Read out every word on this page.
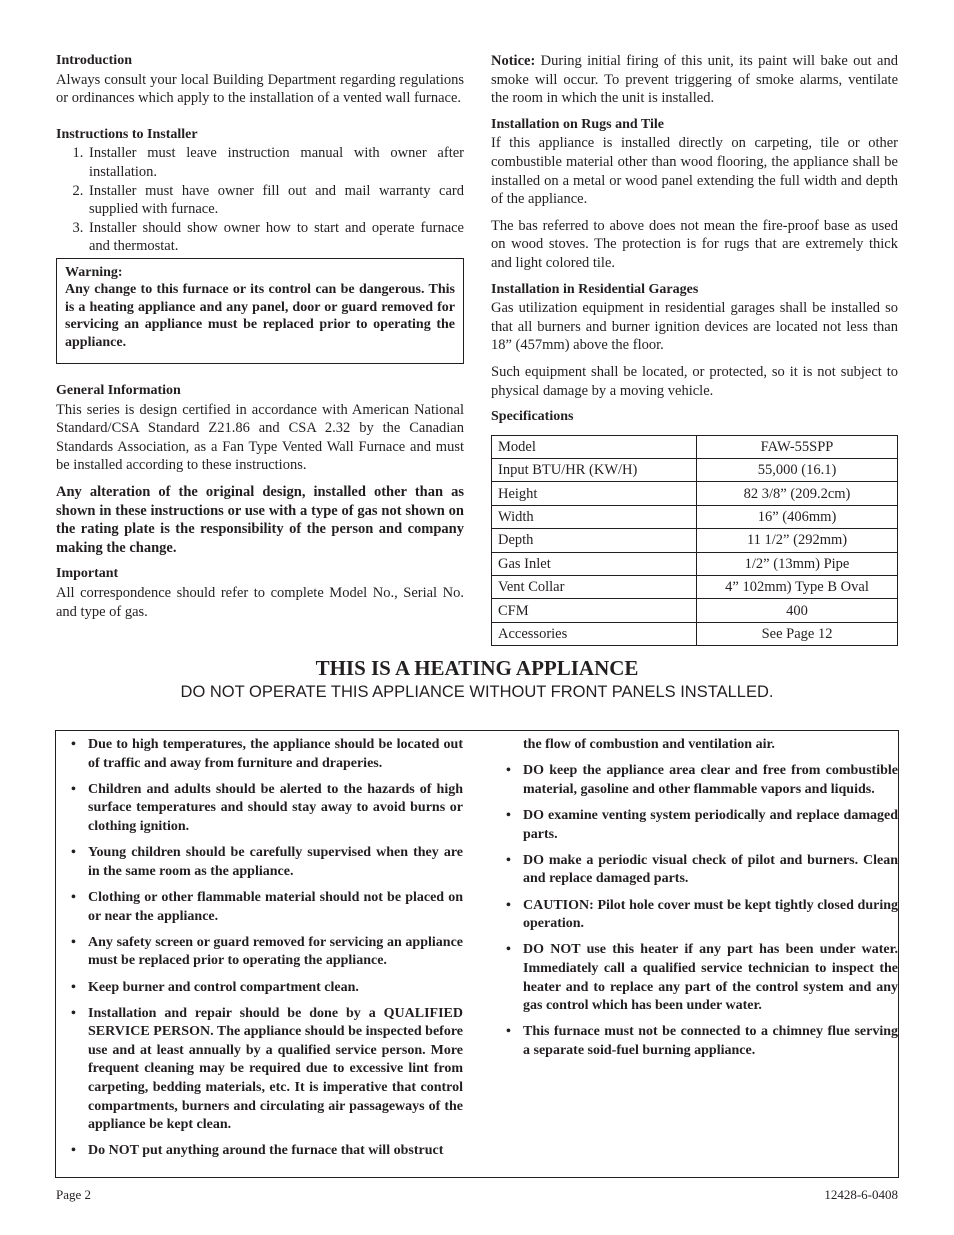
Introduction

Always consult your local Building Department regarding regulations or ordinances which apply to the installation of a vented wall furnace.

Instructions to Installer
1. Installer must leave instruction manual with owner after installation.
2. Installer must have owner fill out and mail warranty card supplied with furnace.
3. Installer should show owner how to start and operate furnace and thermostat.
Warning:

Any change to this furnace or its control can be dangerous. This is a heating appliance and any panel, door or guard removed for servicing an appliance must be replaced prior to operating the appliance.

General Information

This series is design certified in accordance with American National Standard/CSA Standard Z21.86 and CSA 2.32 by the Canadian Standards Association, as a Fan Type Vented Wall Furnace and must be installed according to these instructions.

Any alteration of the original design, installed other than as shown in these instructions or use with a type of gas not shown on the rating plate is the responsibility of the person and company making the change.

Important

All correspondence should refer to complete Model No., Serial No. and type of gas.

Notice: During initial firing of this unit, its paint will bake out and smoke will occur. To prevent triggering of smoke alarms, ventilate the room in which the unit is installed.

Installation on Rugs and Tile

If this appliance is installed directly on carpeting, tile or other combustible material other than wood flooring, the appliance shall be installed on a metal or wood panel extending the full width and depth of the appliance.

The bas referred to above does not mean the fire-proof base as used on wood stoves. The protection is for rugs that are extremely thick and light colored tile.

Installation in Residential Garages

Gas utilization equipment in residential garages shall be installed so that all burners and burner ignition devices are located not less than 18” (457mm) above the floor.

Such equipment shall be located, or protected, so it is not subject to physical damage by a moving vehicle.

Specifications
Model	FAW-55SPP
Input BTU/HR (KW/H)	55,000 (16.1)
Height	82 3/8” (209.2cm)
Width	16” (406mm)
Depth	11 1/2” (292mm)
Gas Inlet	1/2” (13mm) Pipe
Vent Collar	4” 102mm) Type B Oval
CFM	400
Accessories	See Page 12
THIS IS A HEATING APPLIANCE
DO NOT OPERATE THIS APPLIANCE WITHOUT FRONT PANELS INSTALLED.
• Due to high temperatures, the appliance should be located out of traffic and away from furniture and draperies.
• Children and adults should be alerted to the hazards of high surface temperatures and should stay away to avoid burns or clothing ignition.
• Young children should be carefully supervised when they are in the same room as the appliance.
• Clothing or other flammable material should not be placed on or near the appliance.
• Any safety screen or guard removed for servicing an appliance must be replaced prior to operating the appliance.
• Keep burner and control compartment clean.
• Installation and repair should be done by a QUALIFIED SERVICE PERSON. The appliance should be inspected before use and at least annually by a qualified service person. More frequent cleaning may be required due to excessive lint from carpeting, bedding materials, etc. It is imperative that control compartments, burners and circulating air passageways of the appliance be kept clean.
• Do NOT put anything around the furnace that will obstruct
the flow of combustion and ventilation air.
• DO keep the appliance area clear and free from combustible material, gasoline and other flammable vapors and liquids.
• DO examine venting system periodically and replace damaged parts.
• DO make a periodic visual check of pilot and burners. Clean and replace damaged parts.
• CAUTION: Pilot hole cover must be kept tightly closed during operation.
• DO NOT use this heater if any part has been under water. Immediately call a qualified service technician to inspect the heater and to replace any part of the control system and any gas control which has been under water.
• This furnace must not be connected to a chimney flue serving a separate soid-fuel burning appliance.
Page 2	12428-6-0408
